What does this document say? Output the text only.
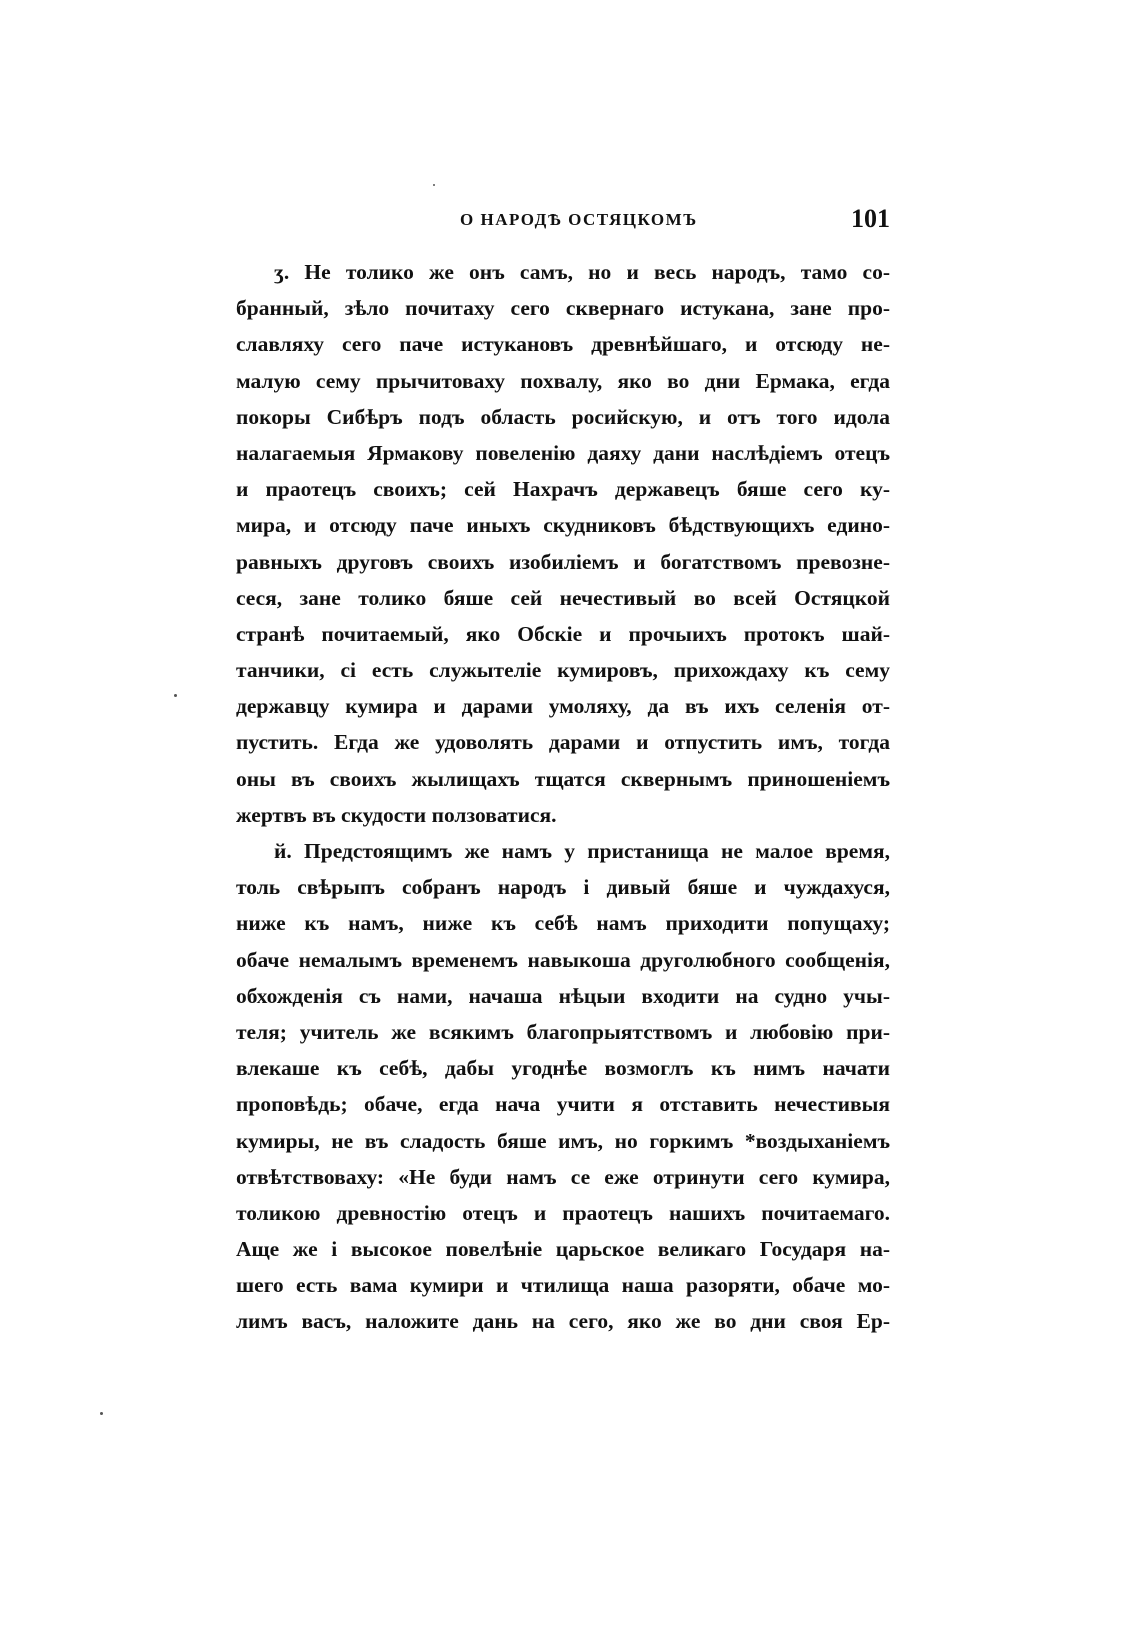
О НАРОДѢ ОСТЯЦКОМЪ	101
ӡ. Не толико же онъ самъ, но и весь народъ, тамо со-
бранный, зѣло почитаху сего сквернаго истукана, зане про-
славляху сего паче истукановъ древнѣйшаго, и отсюду не-
малую сему прычитоваху похвалу, яко во дни Ермака, егда
покоры Сибѣръ подъ область росийскую, и отъ того идола
налагаемыя Ярмакову повеленію даяху дани наслѣдіемъ отецъ
и праотецъ своихъ; сей Нахрачъ державецъ бяше сего ку-
мира, и отсюду паче иныхъ скудниковъ бѣдствующихъ едино-
равныхъ друговъ своихъ изобиліемъ и богатствомъ превозне-
сеся, зане толико бяше сей нечестивый во всей Остяцкой
странѣ почитаемый, яко Обскіе и прочыихъ протокъ шай-
танчики, сі есть служытеліе кумировъ, прихождаху къ сему
державцу кумира и дарами умоляху, да въ ихъ селенія от-
пустить. Егда же удоволять дарами и отпустить имъ, тогда
оны въ своихъ жылищахъ тщатся сквернымъ приношеніемъ
жертвъ въ скудости ползоватися.
й. Предстоящимъ же намъ у пристанища не малое время,
толь свѣрыпъ собранъ народъ і дивый бяше и чуждахуся,
ниже къ намъ, ниже къ себѣ намъ приходити попущаху;
обаче немалымъ временемъ навыкоша друголюбного сообщенія,
обхожденія съ нами, начаша нѣцыи входити на судно учы-
теля; учитель же всякимъ благопрыятствомъ и любовію при-
влекаше къ себѣ, дабы угоднѣе возмоглъ къ нимъ начати
проповѣдь; обаче, егда нача учити я отставить нечестивыя
кумиры, не въ сладость бяше имъ, но горкимъ *воздыханіемъ
отвѣтствоваху: «Не буди намъ се еже отринути сего кумира,
толикою древностію отецъ и праотецъ нашихъ почитаемаго.
Аще же і высокое повелѣніе царьское великаго Государя на-
шего есть вама кумири и чтилища наша разоряти, обаче мо-
лимъ васъ, наложите дань на сего, яко же во дни своя Ер-
